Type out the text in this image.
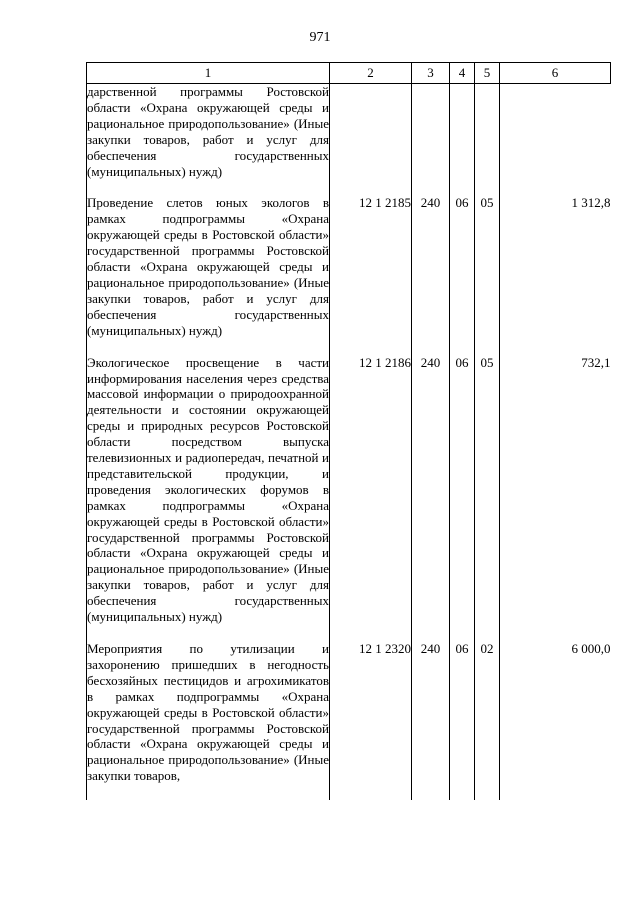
971
1	2	3	4	5	6
дарственной программы Ростовской области «Охрана окружающей среды и рациональное природопользование» (Иные закупки товаров, работ и услуг для обеспечения государственных (муниципальных) нужд)					
Проведение слетов юных экологов в рамках подпрограммы «Охрана окружающей среды в Ростовской области» государственной программы Ростовской области «Охрана окружающей среды и рациональное природопользование» (Иные закупки товаров, работ и услуг для обеспечения государственных (муниципальных) нужд)	12 1 2185	240	06	05	1 312,8
Экологическое просвещение в части информирования населения через средства массовой информации о природоохранной деятельности и состоянии окружающей среды и природных ресурсов Ростовской области посредством выпуска телевизионных и радиопередач, печатной и представительской продукции, и проведения экологических форумов в рамках подпрограммы «Охрана окружающей среды в Ростовской области» государственной программы Ростовской области «Охрана окружающей среды и рациональное природопользование» (Иные закупки товаров, работ и услуг для обеспечения государственных (муниципальных) нужд)	12 1 2186	240	06	05	732,1
Мероприятия по утилизации и захоронению пришедших в негодность бесхозяйных пестицидов и агрохимикатов в рамках подпрограммы «Охрана окружающей среды в Ростовской области» государственной программы Ростовской области «Охрана окружающей среды и рациональное природопользование» (Иные закупки товаров,	12 1 2320	240	06	02	6 000,0
